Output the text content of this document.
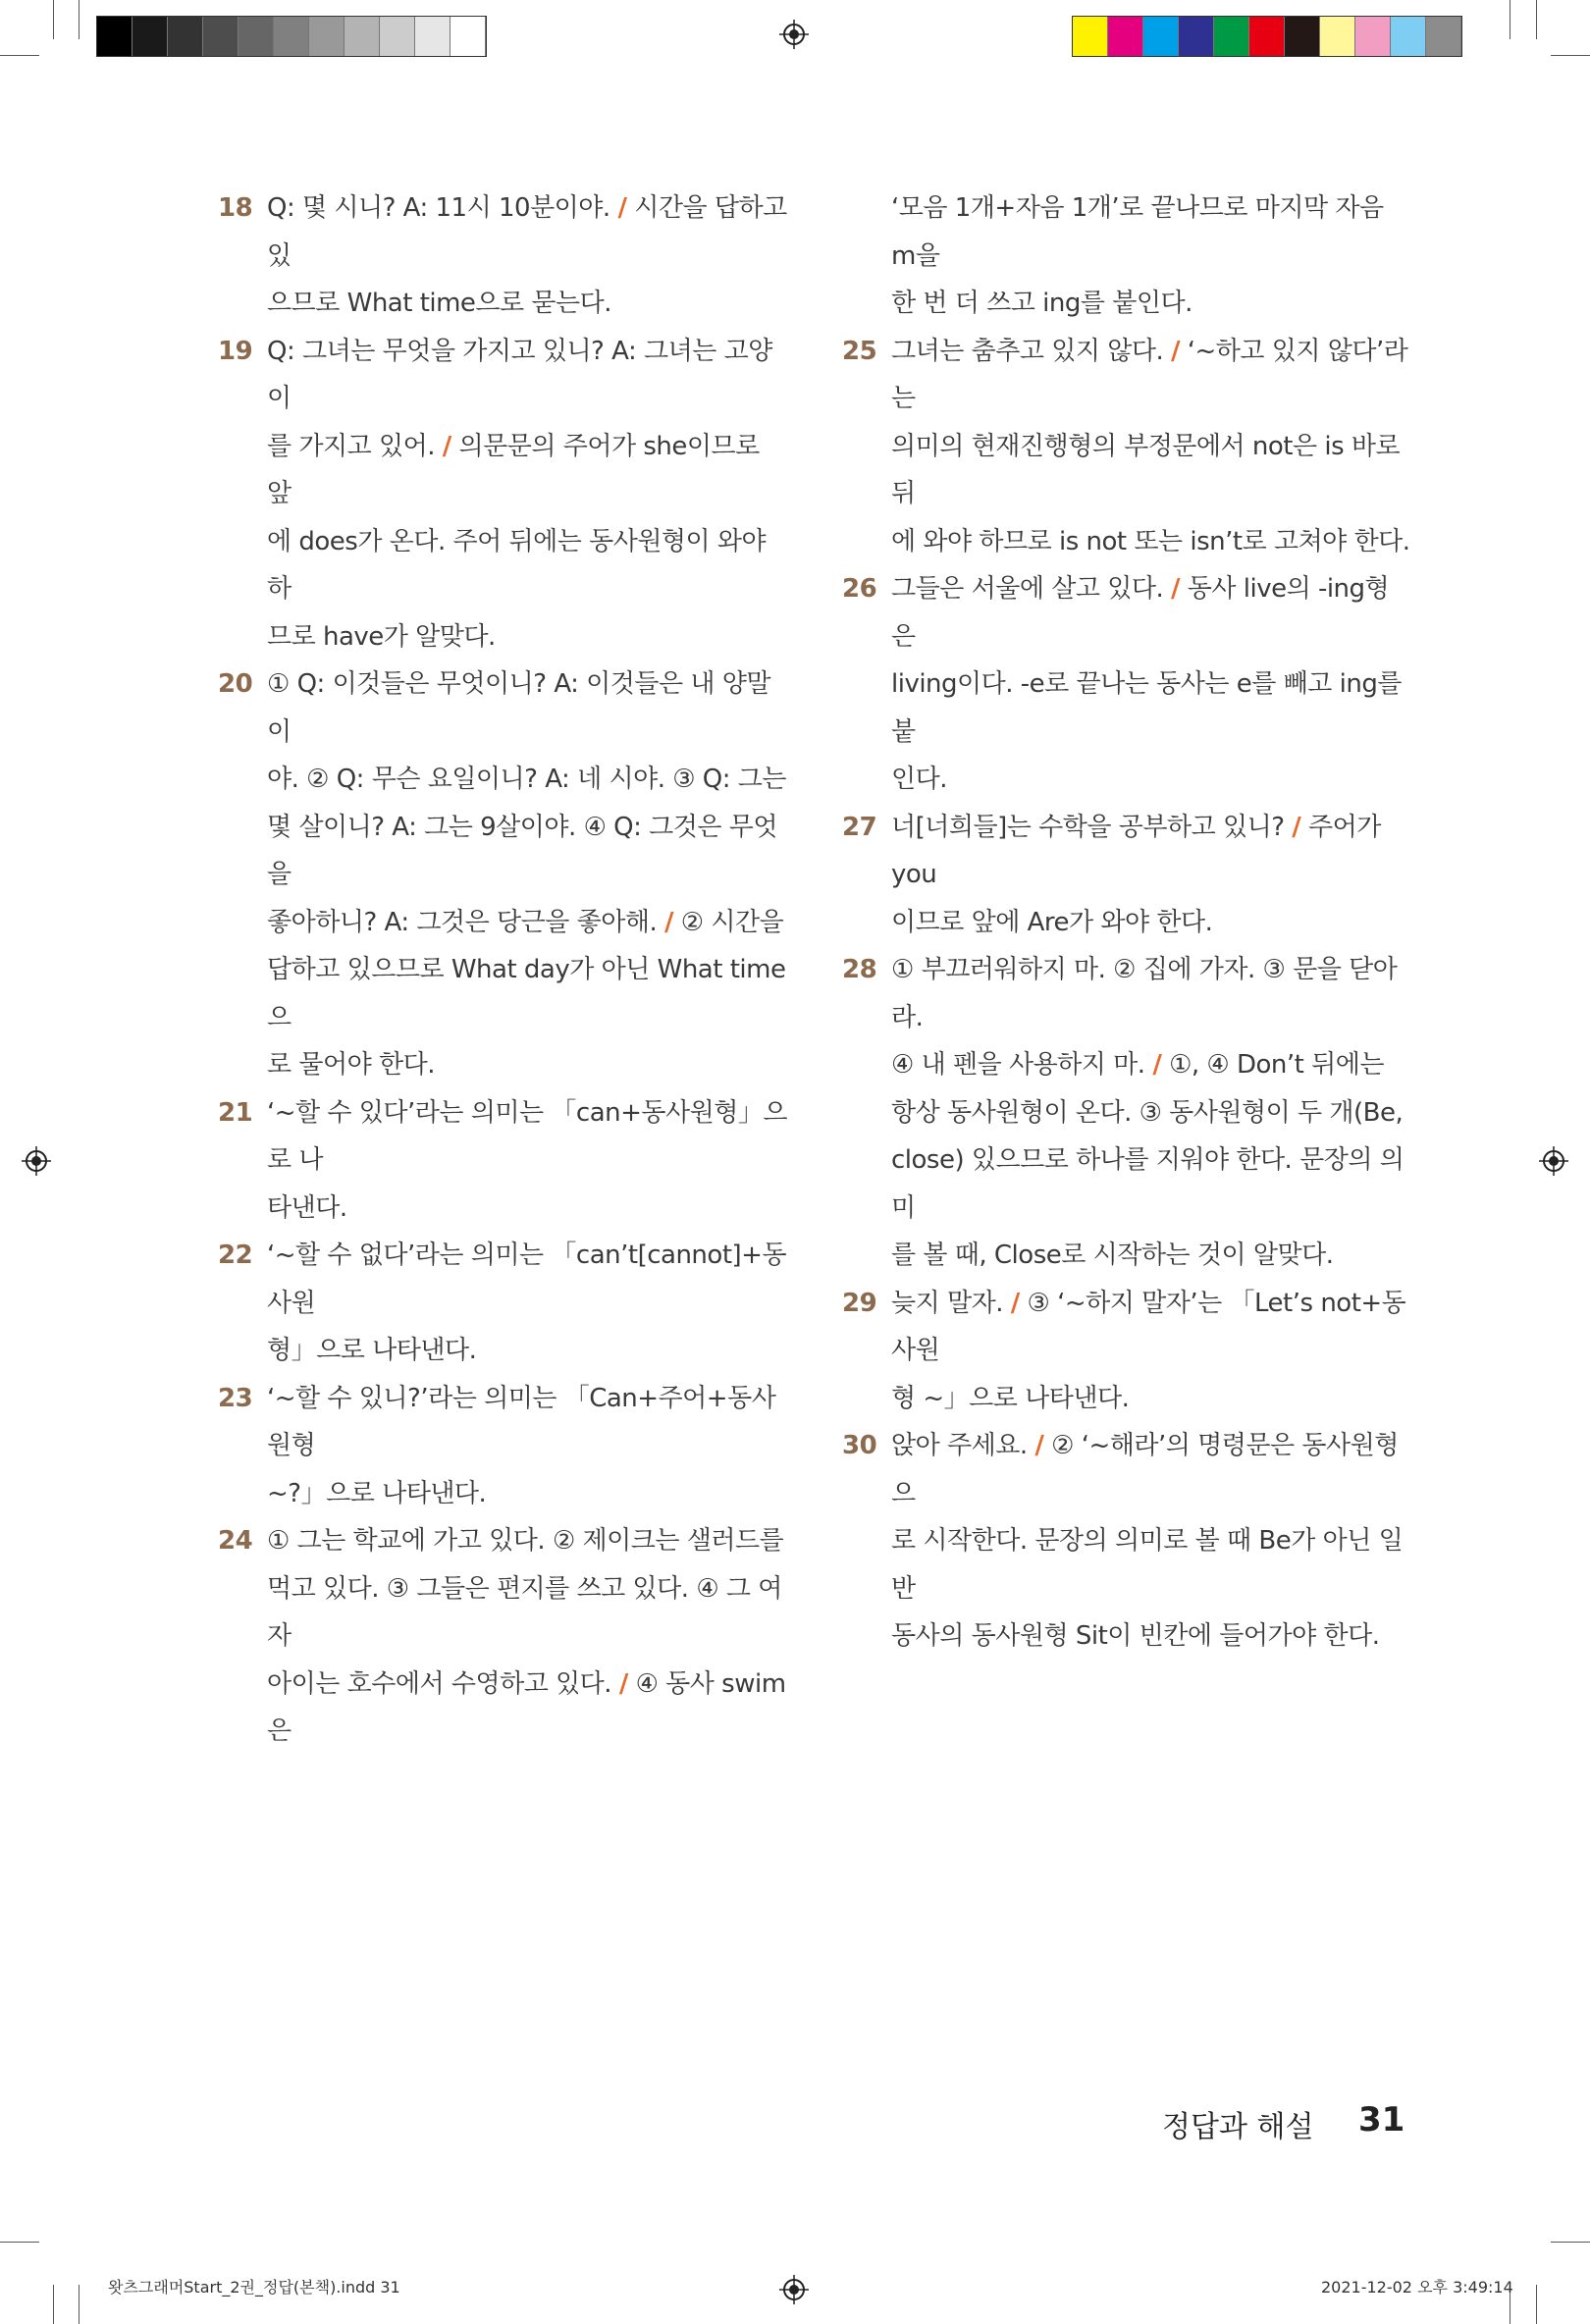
18 Q: 몇 시니? A: 11시 10분이야. / 시간을 답하고 있
으므로 What time으로 묻는다.
19 Q: 그녀는 무엇을 가지고 있니? A: 그녀는 고양이
를 가지고 있어. / 의문문의 주어가 she이므로 앞
에 does가 온다. 주어 뒤에는 동사원형이 와야 하
므로 have가 알맞다.
20 ① Q: 이것들은 무엇이니? A: 이것들은 내 양말이
야. ② Q: 무슨 요일이니? A: 네 시야. ③ Q: 그는
몇 살이니? A: 그는 9살이야. ④ Q: 그것은 무엇을
좋아하니? A: 그것은 당근을 좋아해. / ② 시간을
답하고 있으므로 What day가 아닌 What time으
로 물어야 한다.
21 ‘~할 수 있다’라는 의미는 「can+동사원형」으로 나
타낸다.
22 ‘~할 수 없다’라는 의미는 「can’t[cannot]+동사원
형」으로 나타낸다.
23 ‘~할 수 있니?’라는 의미는 「Can+주어+동사원형
~?」으로 나타낸다.
24 ① 그는 학교에 가고 있다. ② 제이크는 샐러드를
먹고 있다. ③ 그들은 편지를 쓰고 있다. ④ 그 여자
아이는 호수에서 수영하고 있다. / ④ 동사 swim은
‘모음 1개+자음 1개’로 끝나므로 마지막 자음 m을
한 번 더 쓰고 ing를 붙인다.
25 그녀는 춤추고 있지 않다. / ‘~하고 있지 않다’라는
의미의 현재진행형의 부정문에서 not은 is 바로 뒤
에 와야 하므로 is not 또는 isn’t로 고쳐야 한다.
26 그들은 서울에 살고 있다. / 동사 live의 -ing형은
living이다. -e로 끝나는 동사는 e를 빼고 ing를 붙
인다.
27 너[너희들]는 수학을 공부하고 있니? / 주어가 you
이므로 앞에 Are가 와야 한다.
28 ① 부끄러워하지 마. ② 집에 가자. ③ 문을 닫아라.
④ 내 펜을 사용하지 마. / ①, ④ Don’t 뒤에는
항상 동사원형이 온다. ③ 동사원형이 두 개(Be,
close) 있으므로 하나를 지워야 한다. 문장의 의미
를 볼 때, Close로 시작하는 것이 알맞다.
29 늦지 말자. / ③ ‘~하지 말자’는 「Let’s not+동사원
형 ~」으로 나타낸다.
30 앉아 주세요. / ② ‘~해라’의 명령문은 동사원형으
로 시작한다. 문장의 의미로 볼 때 Be가 아닌 일반
동사의 동사원형 Sit이 빈칸에 들어가야 한다.
정답과 해설 31
왓츠그래머Start_2권_정답(본책).indd 31	2021-12-02 오후 3:49:14
